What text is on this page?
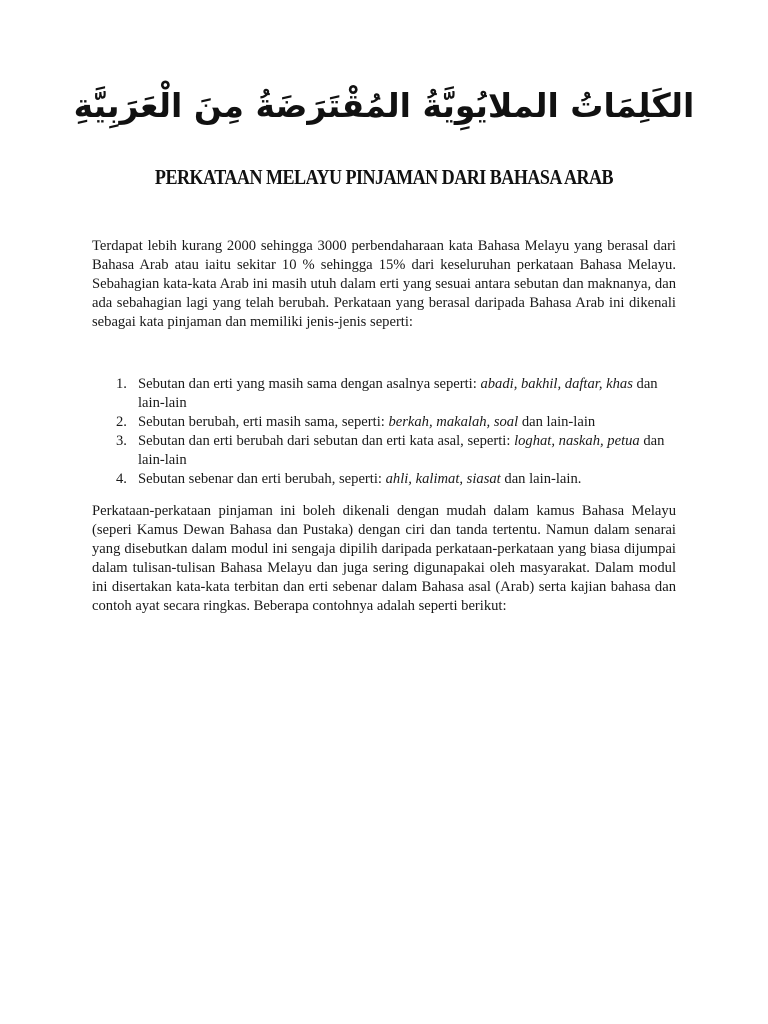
الكَلِمَاتُ الملايُوِيَّةُ المُقْتَرَضَةُ مِنَ الْعَرَبِيَّةِ
PERKATAAN MELAYU PINJAMAN DARI BAHASA ARAB

Terdapat lebih kurang 2000 sehingga 3000 perbendaharaan kata Bahasa Melayu yang berasal dari Bahasa Arab atau iaitu sekitar 10 % sehingga 15% dari keseluruhan perkataan Bahasa Melayu. Sebahagian kata-kata Arab ini masih utuh dalam erti yang sesuai antara sebutan dan maknanya, dan ada sebahagian lagi yang telah berubah. Perkataan yang berasal daripada Bahasa Arab ini dikenali sebagai kata pinjaman dan memiliki jenis-jenis seperti:

1. Sebutan dan erti yang masih sama dengan asalnya seperti: abadi, bakhil, daftar, khas dan lain-lain
2. Sebutan berubah, erti masih sama, seperti: berkah, makalah, soal dan lain-lain
3. Sebutan dan erti berubah dari sebutan dan erti kata asal, seperti: loghat, naskah, petua dan lain-lain
4. Sebutan sebenar dan erti berubah, seperti: ahli, kalimat, siasat dan lain-lain.

Perkataan-perkataan pinjaman ini boleh dikenali dengan mudah dalam kamus Bahasa Melayu (seperi Kamus Dewan Bahasa dan Pustaka) dengan ciri dan tanda tertentu. Namun dalam senarai yang disebutkan dalam modul ini sengaja dipilih daripada perkataan-perkataan yang biasa dijumpai dalam tulisan-tulisan Bahasa Melayu dan juga sering digunapakai oleh masyarakat. Dalam modul ini disertakan kata-kata terbitan dan erti sebenar dalam Bahasa asal (Arab) serta kajian bahasa dan contoh ayat secara ringkas. Beberapa contohnya adalah seperti berikut:
